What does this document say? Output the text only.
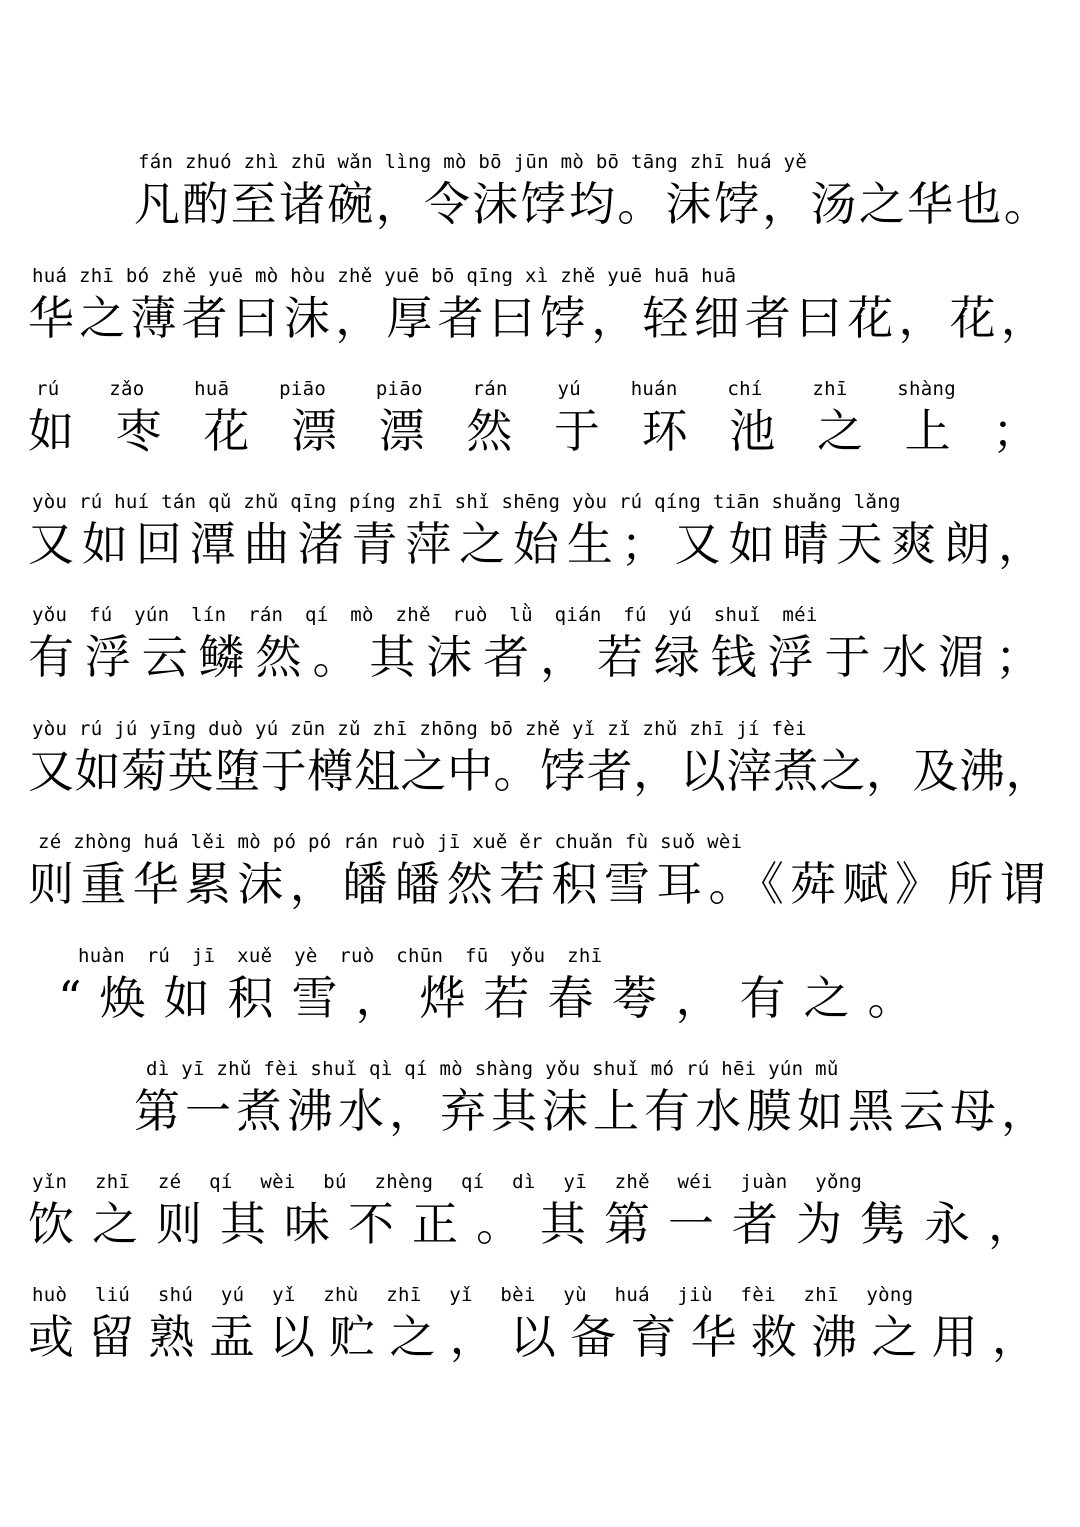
fán zhuó zhì zhū wǎn lìng mò bō jūn mò bō tāng zhī huá yě
凡酌至诸碗，令沫饽均。沫饽，汤之华也。
huá zhī bó zhě yuē mò hòu zhě yuē bō qīng xì zhě yuē huā huā
华之薄者曰沫，厚者曰饽，轻细者曰花，花，
rú zǎo huā piāo piāo rán yú huán chí zhī shàng
如 枣 花 漂 漂 然 于 环 池 之 上 ；
yòu rú huí tán qǔ zhǔ qīng píng zhī shǐ shēng yòu rú qíng tiān shuǎng lǎng
又如回潭曲渚青萍之始生；又如晴天爽朗，
yǒu fú yún lín rán qí mò zhě ruò lǜ qián fú yú shuǐ méi
有浮云鳞然。其沫者，若绿钱浮于水湄；
yòu rú jú yīng duò yú zūn zǔ zhī zhōng bō zhě yǐ zǐ zhǔ zhī jí fèi
又如菊英堕于樽俎之中。饽者，以滓煮之，及沸，
zé zhòng huá lěi mò pó pó rán ruò jī xuě ěr chuǎn fù suǒ wèi
则重华累沫，皤皤然若积雪耳。《荈赋》所谓
huàn rú jī xuě yè ruò chūn fū yǒu zhī
“焕如积雪，烨若春荂，有之。
dì yī zhǔ fèi shuǐ qì qí mò shàng yǒu shuǐ mó rú hēi yún mǔ
第一煮沸水，弃其沫上有水膜如黑云母，
yǐn zhī zé qí wèi bú zhèng qí dì yī zhě wéi juàn yǒng
饮之则其味不正。其第一者为隽永，
huò liú shú yú yǐ zhù zhī yǐ bèi yù huá jiù fèi zhī yòng
或留熟盂以贮之，以备育华救沸之用，
